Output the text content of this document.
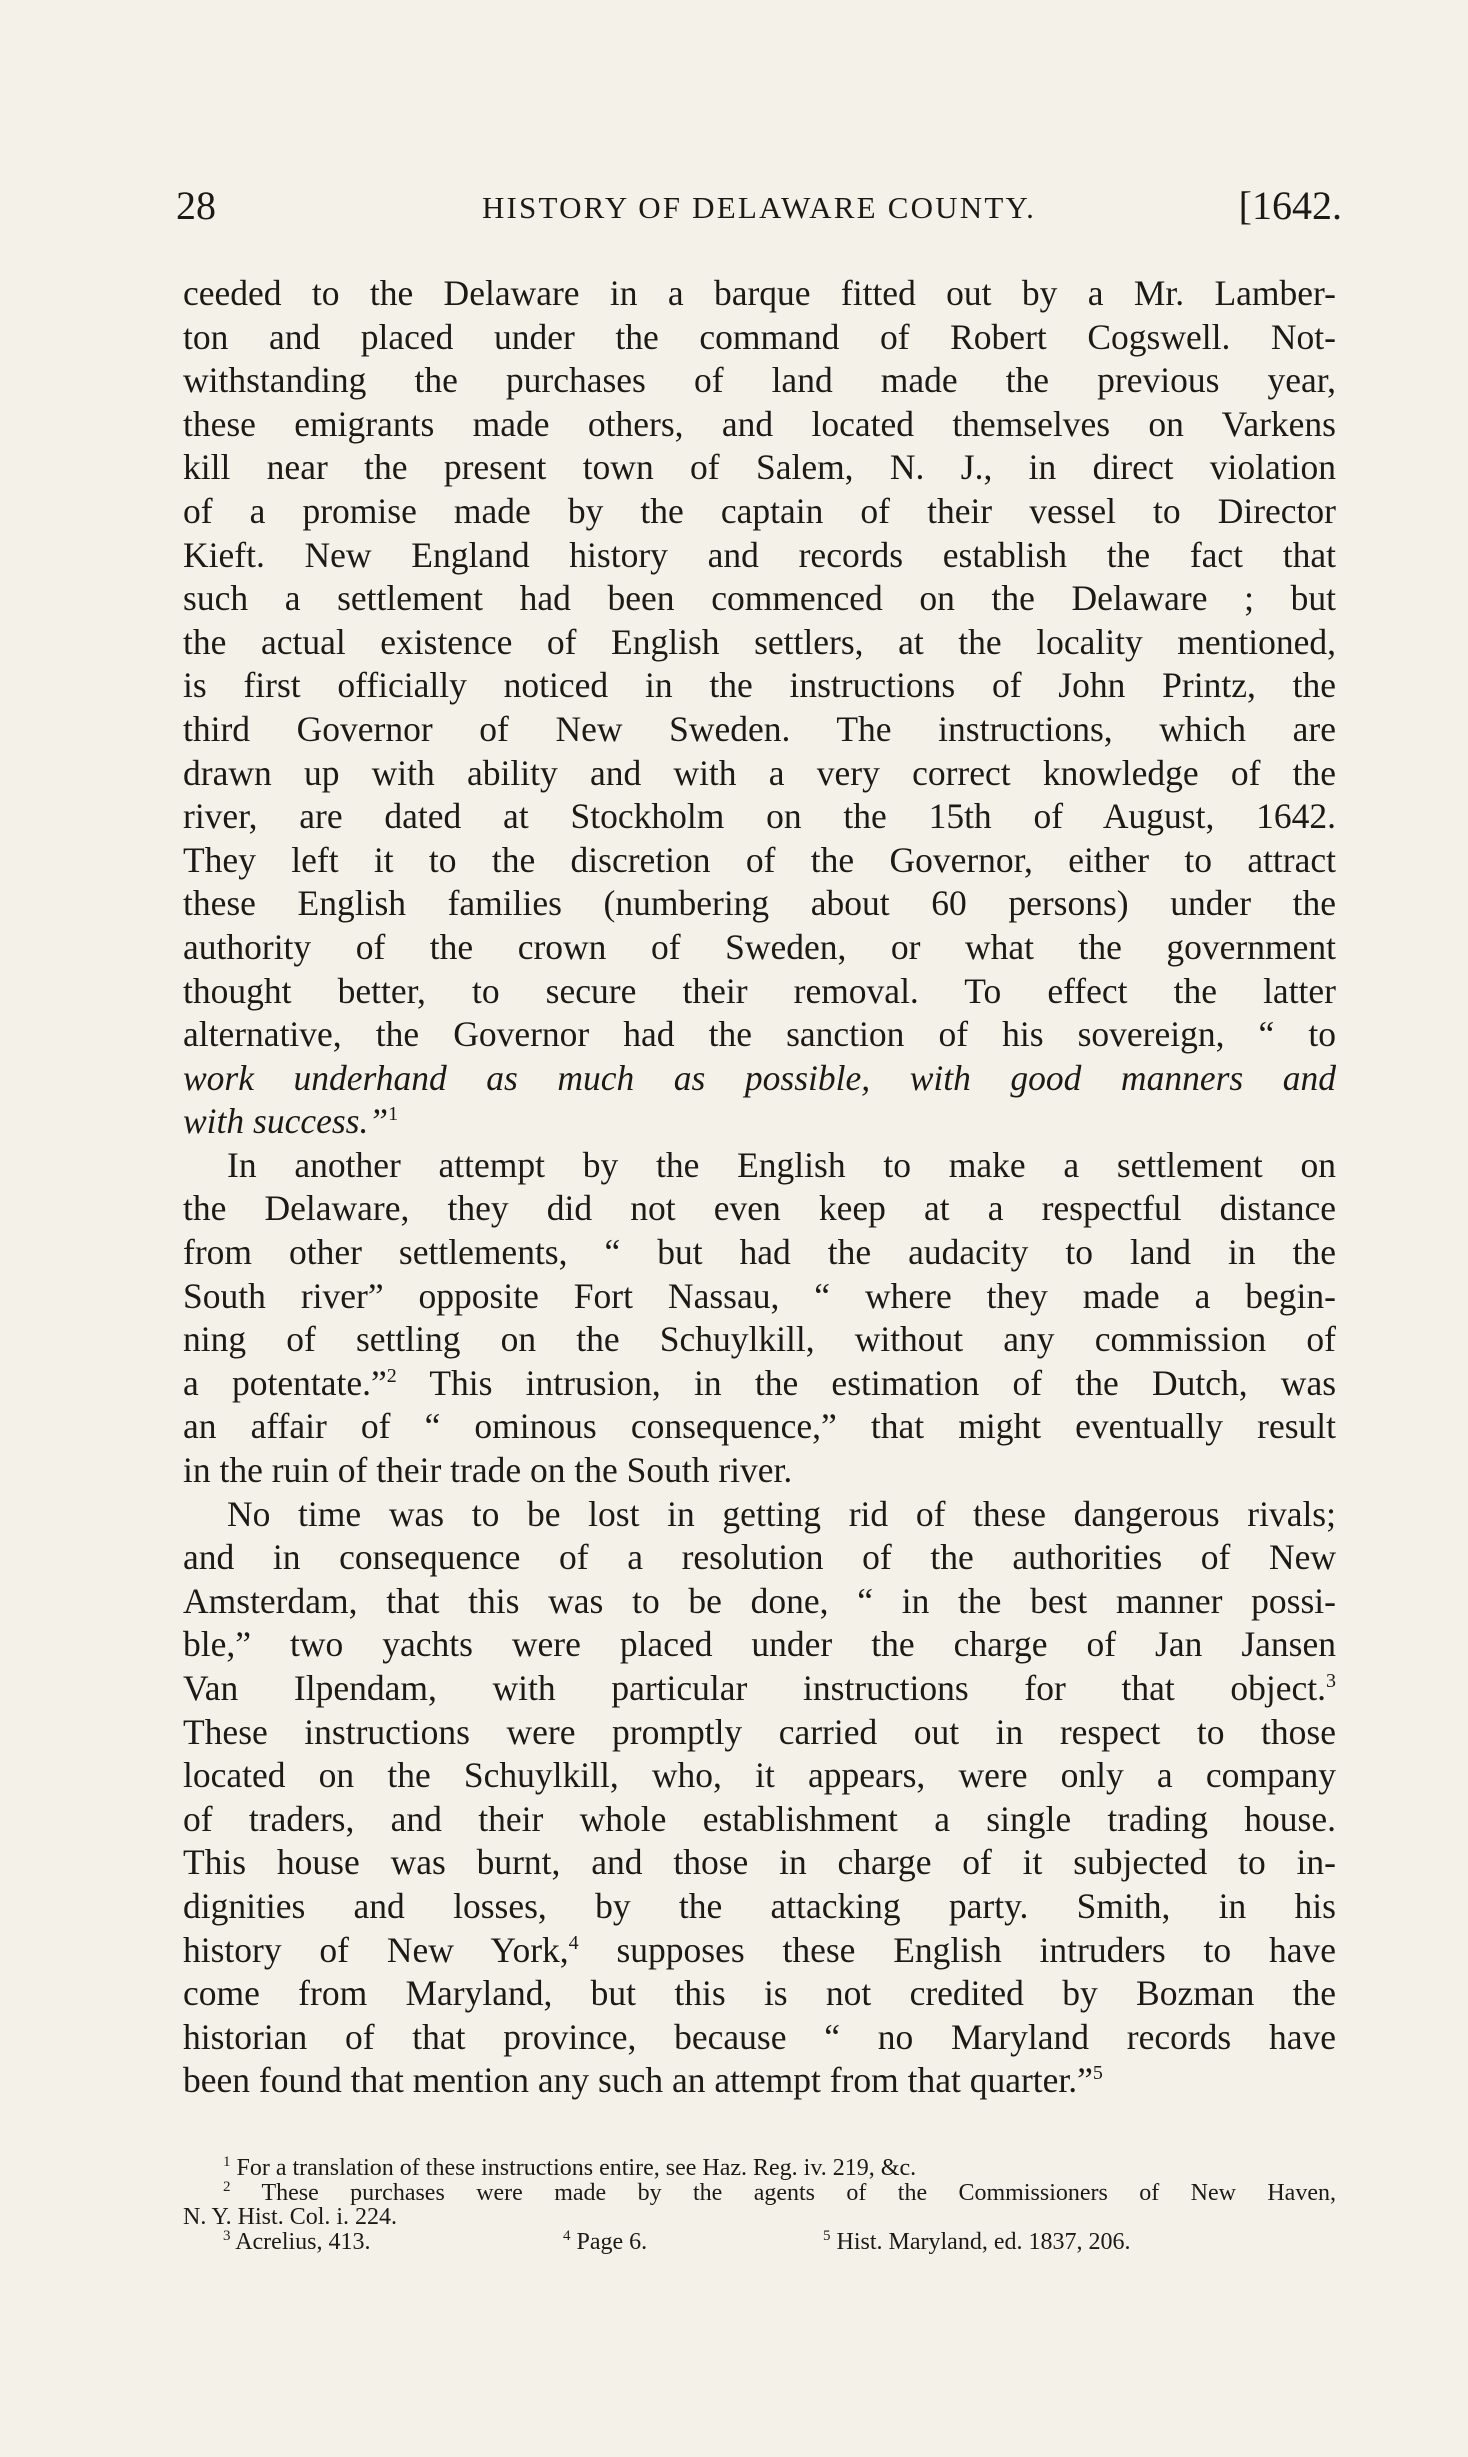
28	HISTORY OF DELAWARE COUNTY.	[1642.
ceeded to the Delaware in a barque fitted out by a Mr. Lamber-
ton and placed under the command of Robert Cogswell. Not-
withstanding the purchases of land made the previous year,
these emigrants made others, and located themselves on Varkens
kill near the present town of Salem, N. J., in direct violation
of a promise made by the captain of their vessel to Director
Kieft. New England history and records establish the fact that
such a settlement had been commenced on the Delaware ; but
the actual existence of English settlers, at the locality mentioned,
is first officially noticed in the instructions of John Printz, the
third Governor of New Sweden. The instructions, which are
drawn up with ability and with a very correct knowledge of the
river, are dated at Stockholm on the 15th of August, 1642.
They left it to the discretion of the Governor, either to attract
these English families (numbering about 60 persons) under the
authority of the crown of Sweden, or what the government
thought better, to secure their removal. To effect the latter
alternative, the Governor had the sanction of his sovereign, “ to
work underhand as much as possible, with good manners and
with success.”$^1$
In another attempt by the English to make a settlement on
the Delaware, they did not even keep at a respectful distance
from other settlements, “ but had the audacity to land in the
South river” opposite Fort Nassau, “ where they made a begin-
ning of settling on the Schuylkill, without any commission of
a potentate.”$^2$ This intrusion, in the estimation of the Dutch, was
an affair of “ ominous consequence,” that might eventually result
in the ruin of their trade on the South river.
No time was to be lost in getting rid of these dangerous rivals;
and in consequence of a resolution of the authorities of New
Amsterdam, that this was to be done, “ in the best manner possi-
ble,” two yachts were placed under the charge of Jan Jansen
Van Ilpendam, with particular instructions for that object.$^3$
These instructions were promptly carried out in respect to those
located on the Schuylkill, who, it appears, were only a company
of traders, and their whole establishment a single trading house.
This house was burnt, and those in charge of it subjected to in-
dignities and losses, by the attacking party. Smith, in his
history of New York,$^4$ supposes these English intruders to have
come from Maryland, but this is not credited by Bozman the
historian of that province, because “ no Maryland records have
been found that mention any such an attempt from that quarter.”$^5$
$^1$ For a translation of these instructions entire, see Haz. Reg. iv. 219, &c.
$^2$ These purchases were made by the agents of the Commissioners of New Haven,
N. Y. Hist. Col. i. 224.
$^3$ Acrelius, 413.	$^4$ Page 6.	$^5$ Hist. Maryland, ed. 1837, 206.
